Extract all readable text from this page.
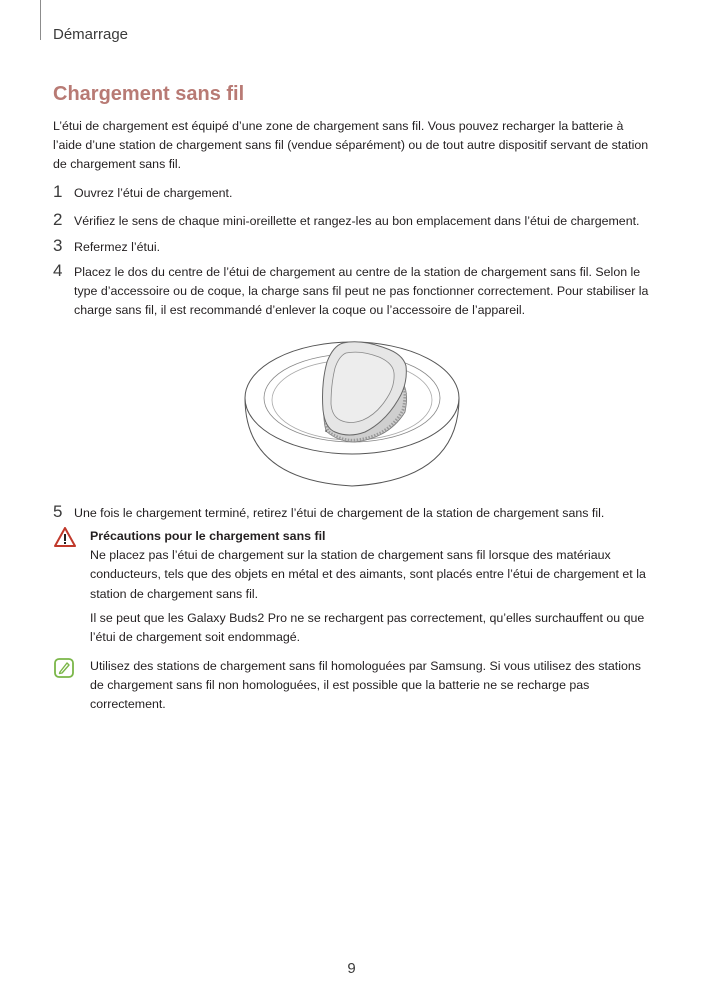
Démarrage
Chargement sans fil
L’étui de chargement est équipé d’une zone de chargement sans fil. Vous pouvez recharger la batterie à l’aide d’une station de chargement sans fil (vendue séparément) ou de tout autre dispositif servant de station de chargement sans fil.
1 Ouvrez l’étui de chargement.
2 Vérifiez le sens de chaque mini-oreillette et rangez-les au bon emplacement dans l’étui de chargement.
3 Refermez l’étui.
4 Placez le dos du centre de l’étui de chargement au centre de la station de chargement sans fil. Selon le type d’accessoire ou de coque, la charge sans fil peut ne pas fonctionner correctement. Pour stabiliser la charge sans fil, il est recommandé d’enlever la coque ou l’accessoire de l’appareil.
5 Une fois le chargement terminé, retirez l’étui de chargement de la station de chargement sans fil.

Précautions pour le chargement sans fil

Ne placez pas l’étui de chargement sur la station de chargement sans fil lorsque des matériaux conducteurs, tels que des objets en métal et des aimants, sont placés entre l’étui de chargement et la station de chargement sans fil.

Il se peut que les Galaxy Buds2 Pro ne se rechargent pas correctement, qu’elles surchauffent ou que l’étui de chargement soit endommagé.

Utilisez des stations de chargement sans fil homologuées par Samsung. Si vous utilisez des stations de chargement sans fil non homologuées, il est possible que la batterie ne se recharge pas correctement.

9
